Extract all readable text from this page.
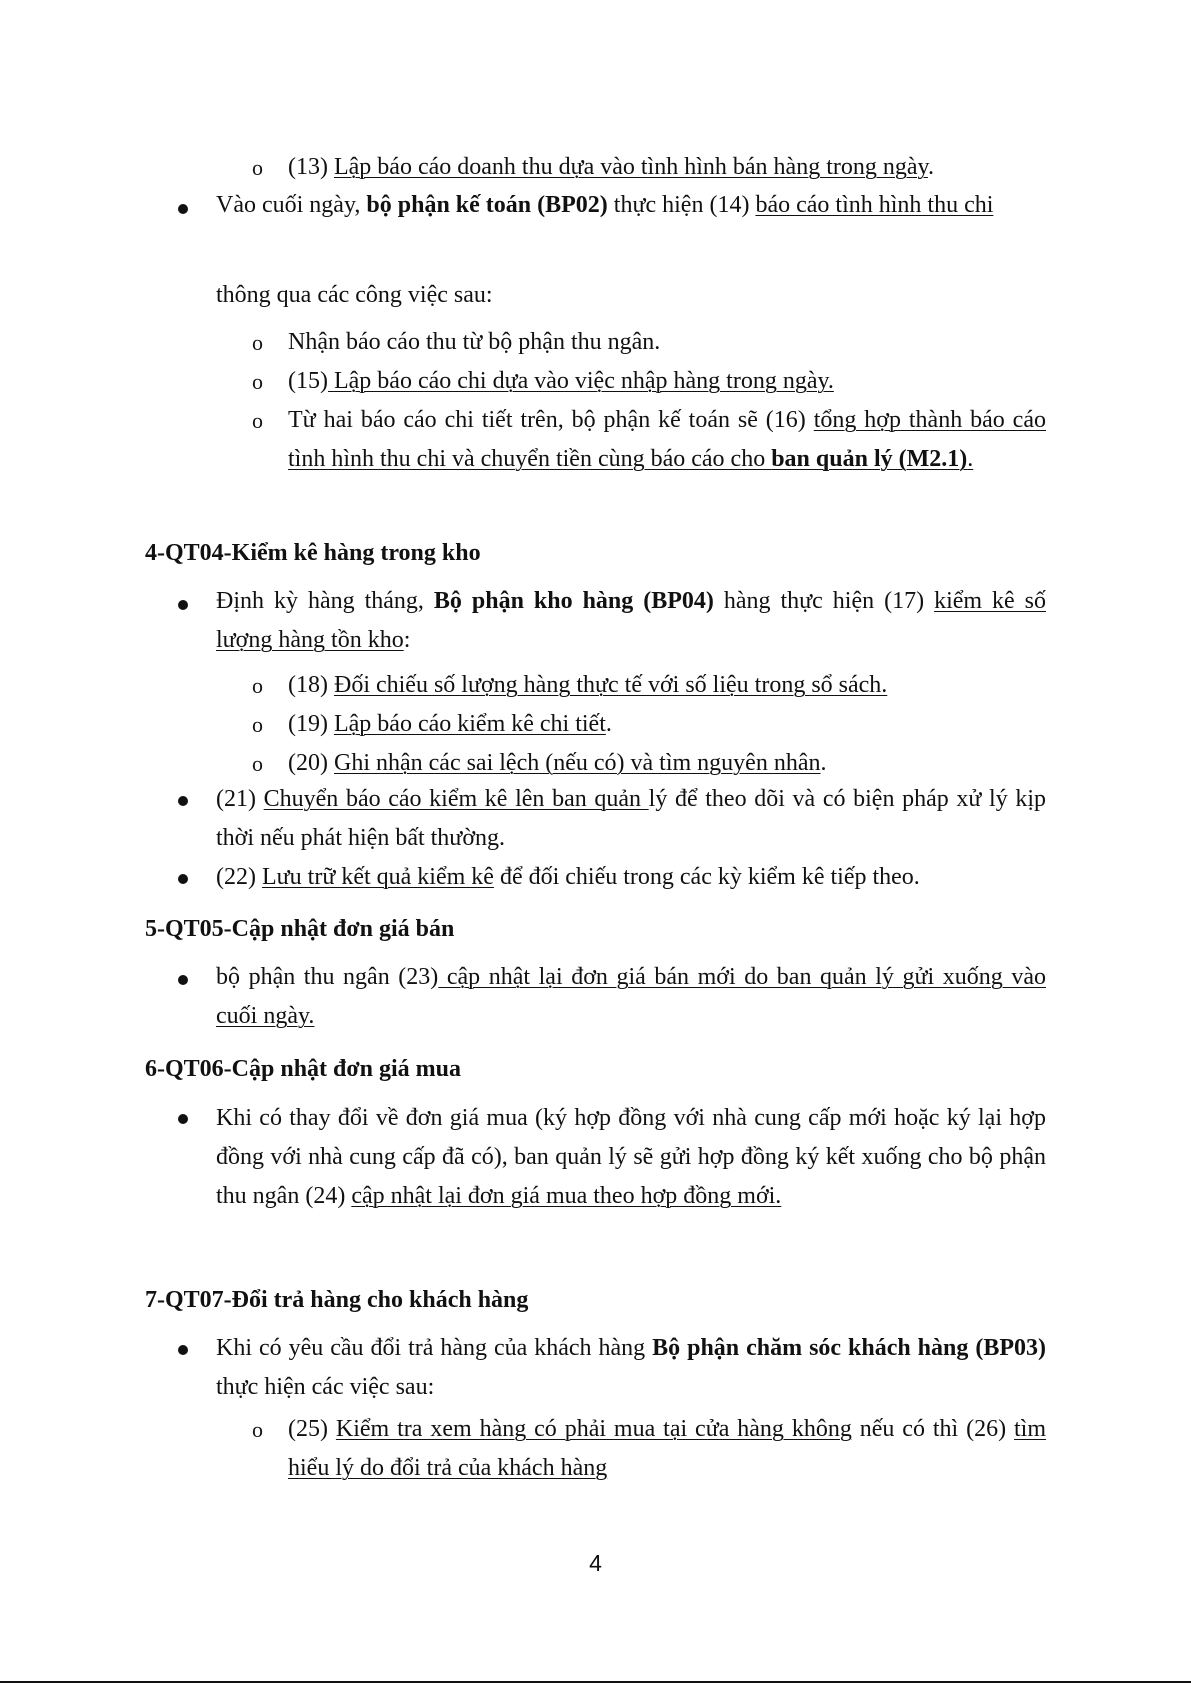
o (13) Lập báo cáo doanh thu dựa vào tình hình bán hàng trong ngày.

Vào cuối ngày, bộ phận kế toán (BP02) thực hiện (14) báo cáo tình hình thu chi

thông qua các công việc sau:

o Nhận báo cáo thu từ bộ phận thu ngân.

o (15) Lập báo cáo chi dựa vào việc nhập hàng trong ngày.

o Từ hai báo cáo chi tiết trên, bộ phận kế toán sẽ (16) tổng hợp thành báo cáo tình hình thu chi và chuyển tiền cùng báo cáo cho ban quản lý (M2.1).

4-QT04-Kiểm kê hàng trong kho

Định kỳ hàng tháng, Bộ phận kho hàng (BP04) hàng thực hiện (17) kiểm kê số lượng hàng tồn kho:

o (18) Đối chiếu số lượng hàng thực tế với số liệu trong sổ sách.

o (19) Lập báo cáo kiểm kê chi tiết.

o (20) Ghi nhận các sai lệch (nếu có) và tìm nguyên nhân.

(21) Chuyển báo cáo kiểm kê lên ban quản lý để theo dõi và có biện pháp xử lý kịp thời nếu phát hiện bất thường.

(22) Lưu trữ kết quả kiểm kê để đối chiếu trong các kỳ kiểm kê tiếp theo.

5-QT05-Cập nhật đơn giá bán

bộ phận thu ngân (23) cập nhật lại đơn giá bán mới do ban quản lý gửi xuống vào cuối ngày.

6-QT06-Cập nhật đơn giá mua

Khi có thay đổi về đơn giá mua (ký hợp đồng với nhà cung cấp mới hoặc ký lại hợp đồng với nhà cung cấp đã có), ban quản lý sẽ gửi hợp đồng ký kết xuống cho bộ phận thu ngân (24) cập nhật lại đơn giá mua theo hợp đồng mới.

7-QT07-Đổi trả hàng cho khách hàng

Khi có yêu cầu đổi trả hàng của khách hàng Bộ phận chăm sóc khách hàng (BP03) thực hiện các việc sau:

o (25) Kiểm tra xem hàng có phải mua tại cửa hàng không nếu có thì (26) tìm hiểu lý do đổi trả của khách hàng

4
